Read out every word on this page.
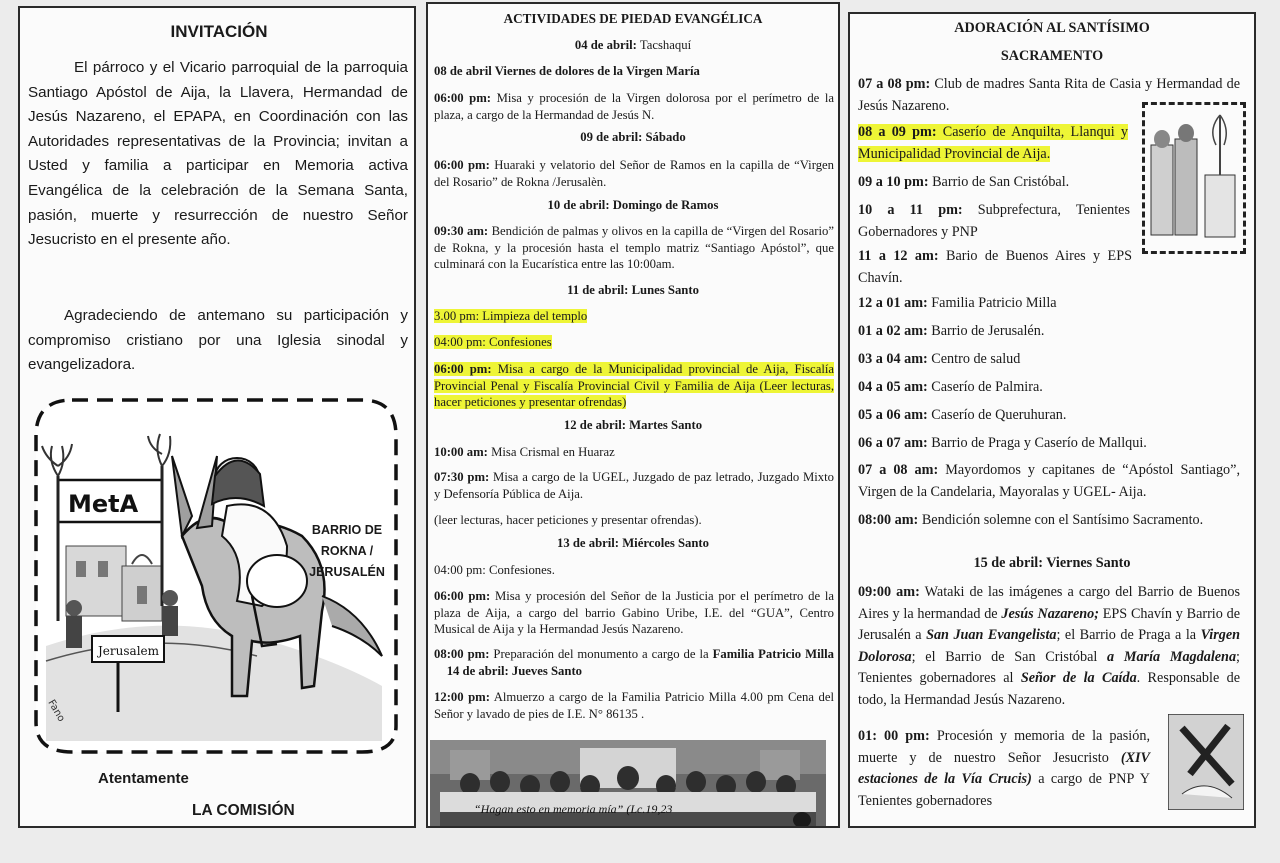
INVITACIÓN
El párroco y el Vicario parroquial de la parroquia Santiago Apóstol de Aija, la Llavera, Hermandad de Jesús Nazareno, el EPAPA, en Coordinación con las Autoridades representativas de la Provincia; invitan a Usted y familia a participar en Memoria activa Evangélica de la celebración de la Semana Santa, pasión, muerte y resurrección de nuestro Señor Jesucristo en el presente año.
Agradeciendo de antemano su participación y compromiso cristiano por una Iglesia sinodal y evangelizadora.
MetA
Jerusalem
Fano
BARRIO DE ROKNA / JERUSALÉN
Atentamente
LA COMISIÓN
ACTIVIDADES DE PIEDAD EVANGÉLICA
04 de abril: Tacshaquí
08 de abril Viernes de dolores de la Virgen María
06:00 pm: Misa y procesión de la Virgen dolorosa por el perímetro de la plaza, a cargo de la Hermandad de Jesús N.
09 de abril: Sábado
06:00 pm: Huaraki y velatorio del Señor de Ramos en la capilla de “Virgen del Rosario” de Rokna /Jerusalèn.
10 de abril: Domingo de Ramos
09:30 am: Bendición de palmas y olivos en la capilla de “Virgen del Rosario” de Rokna, y la procesión hasta el templo matriz “Santiago Apóstol”, que culminará con la Eucarística entre las 10:00am.
11 de abril: Lunes Santo
3.00 pm: Limpieza del templo
04:00 pm: Confesiones
06:00 pm: Misa a cargo de la Municipalidad provincial de Aija, Fiscalía Provincial Penal y Fiscalía Provincial Civil y Familia de Aija (Leer lecturas, hacer peticiones y presentar ofrendas)
12 de abril: Martes Santo
10:00 am: Misa Crismal en Huaraz
07:30 pm: Misa a cargo de la UGEL, Juzgado de paz letrado, Juzgado Mixto y Defensoría Pública de Aija.
(leer lecturas, hacer peticiones y presentar ofrendas).
13 de abril: Miércoles Santo
04:00 pm: Confesiones.
06:00 pm: Misa y procesión del Señor de la Justicia por el perímetro de la plaza de Aija, a cargo del barrio Gabino Uribe, I.E. del “GUA”, Centro Musical de Aija y la Hermandad Jesús Nazareno.
08:00 pm: Preparación del monumento a cargo de la Familia Patricio Milla     14 de abril: Jueves Santo
12:00 pm: Almuerzo a cargo de la Familia Patricio Milla 4.00 pm Cena del Señor y lavado de pies de I.E. N° 86135 .
“Hagan esto en memoria mía” (Lc.19,23
ADORACIÓN AL SANTÍSIMO
SACRAMENTO
07 a 08 pm: Club de madres Santa Rita de Casia y Hermandad de Jesús Nazareno.
08 a 09 pm: Caserío de Anquilta, Llanqui y Municipalidad Provincial de Aija.
09 a 10 pm: Barrio de San Cristóbal.
10 a 11 pm: Subprefectura, Tenientes Gobernadores y PNP
11 a 12 am: Bario de Buenos Aires y EPS Chavín.
12 a 01 am: Familia Patricio Milla
01 a 02 am: Barrio de Jerusalén.
03 a 04 am: Centro de salud
04 a 05 am: Caserío de Palmira.
05 a 06 am: Caserío de Queruhuran.
06 a 07 am: Barrio de Praga y Caserío de Mallqui.
07 a 08 am: Mayordomos y capitanes de “Apóstol Santiago”, Virgen de la Candelaria, Mayoralas y UGEL- Aija.
08:00 am: Bendición solemne con el Santísimo Sacramento.
15 de abril: Viernes Santo
09:00 am: Wataki de las imágenes a cargo del Barrio de Buenos Aires y la hermandad de Jesús Nazareno; EPS Chavín y Barrio de Jerusalén a San Juan Evangelista; el Barrio de Praga a la Virgen Dolorosa; el Barrio de San Cristóbal a María Magdalena; Tenientes gobernadores al Señor de la Caída. Responsable de todo, la Hermandad Jesús Nazareno.
01: 00 pm: Procesión y memoria de la pasión, muerte y de nuestro Señor Jesucristo (XIV estaciones de la Vía Crucis) a cargo de PNP Y Tenientes gobernadores
